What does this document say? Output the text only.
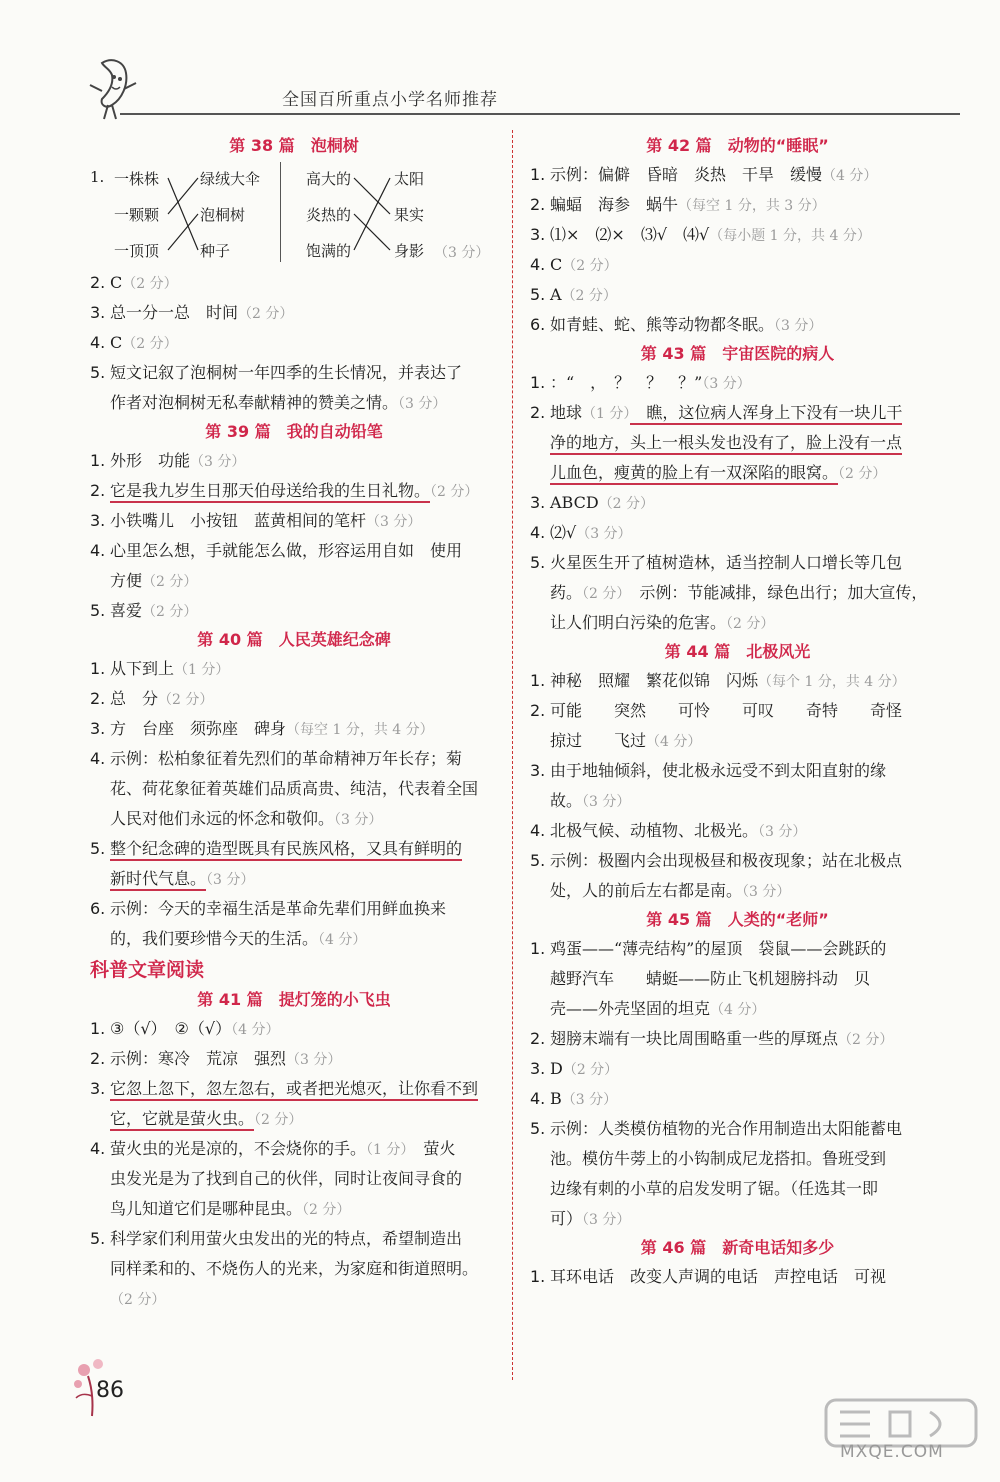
全国百所重点小学名师推荐
第 38 篇 泡桐树
1. 一株株
一颗颗
一顶顶
绿绒大伞
泡桐树
种子
高大的
炎热的
饱满的
太阳
果实
身影 （3 分）
2. C（2 分）
3. 总一分一总　时间（2 分）
4. C（2 分）
5. 短文记叙了泡桐树一年四季的生长情况，并表达了
作者对泡桐树无私奉献精神的赞美之情。（3 分）
第 39 篇 我的自动铅笔
1. 外形　功能（3 分）
2. 它是我九岁生日那天伯母送给我的生日礼物。（2 分）
3. 小铁嘴儿　小按钮　蓝黄相间的笔杆（3 分）
4. 心里怎么想，手就能怎么做，形容运用自如　使用
方便（2 分）
5. 喜爱（2 分）
第 40 篇 人民英雄纪念碑
1. 从下到上（1 分）
2. 总　分（2 分）
3. 方　台座　须弥座　碑身（每空 1 分，共 4 分）
4. 示例：松柏象征着先烈们的革命精神万年长存；菊
花、荷花象征着英雄们品质高贵、纯洁，代表着全国
人民对他们永远的怀念和敬仰。（3 分）
5. 整个纪念碑的造型既具有民族风格，又具有鲜明的
新时代气息。（3 分）
6. 示例：今天的幸福生活是革命先辈们用鲜血换来
的，我们要珍惜今天的生活。（4 分）
科普文章阅读
第 41 篇 提灯笼的小飞虫
1. ③（√）　②（√）（4 分）
2. 示例：寒冷　荒凉　强烈（3 分）
3. 它忽上忽下，忽左忽右，或者把光熄灭，让你看不到
它，它就是萤火虫。（2 分）
4. 萤火虫的光是凉的，不会烧你的手。（1 分）　萤火
虫发光是为了找到自己的伙伴，同时让夜间寻食的
鸟儿知道它们是哪种昆虫。（2 分）
5. 科学家们利用萤火虫发出的光的特点，希望制造出
同样柔和的、不烧伤人的光来，为家庭和街道照明。
（2 分）
第 42 篇 动物的“睡眠”
1. 示例：偏僻　昏暗　炎热　干旱　缓慢（4 分）
2. 蝙蝠　海参　蜗牛（每空 1 分，共 3 分）
3. ⑴×　⑵×　⑶√　⑷√（每小题 1 分，共 4 分）
4. C（2 分）
5. A（2 分）
6. 如青蛙、蛇、熊等动物都冬眠。（3 分）
第 43 篇 宇宙医院的病人
1. ：“　，　？　？　？”（3 分）
2. 地球（1 分）　瞧，这位病人浑身上下没有一块儿干
净的地方，头上一根头发也没有了，脸上没有一点
儿血色，瘦黄的脸上有一双深陷的眼窝。（2 分）
3. ABCD（2 分）
4. ⑵√（3 分）
5. 火星医生开了植树造林，适当控制人口增长等几包
药。（2 分）　示例：节能减排，绿色出行；加大宣传，
让人们明白污染的危害。（2 分）
第 44 篇 北极风光
1. 神秘　照耀　繁花似锦　闪烁（每个 1 分，共 4 分）
2. 可能　　突然　　可怜　　可叹　　奇特　　奇怪
掠过　　飞过（4 分）
3. 由于地轴倾斜，使北极永远受不到太阳直射的缘
故。（3 分）
4. 北极气候、动植物、北极光。（3 分）
5. 示例：极圈内会出现极昼和极夜现象；站在北极点
处，人的前后左右都是南。（3 分）
第 45 篇 人类的“老师”
1. 鸡蛋——“薄壳结构”的屋顶　袋鼠——会跳跃的
越野汽车　　蜻蜓——防止飞机翅膀抖动　贝
壳——外壳坚固的坦克（4 分）
2. 翅膀末端有一块比周围略重一些的厚斑点（2 分）
3. D（2 分）
4. B（3 分）
5. 示例：人类模仿植物的光合作用制造出太阳能蓄电
池。模仿牛蒡上的小钩制成尼龙搭扣。鲁班受到
边缘有刺的小草的启发发明了锯。（任选其一即
可）（3 分）
第 46 篇 新奇电话知多少
1. 耳环电话　改变人声调的电话　声控电话　可视
86
MXQE.COM
